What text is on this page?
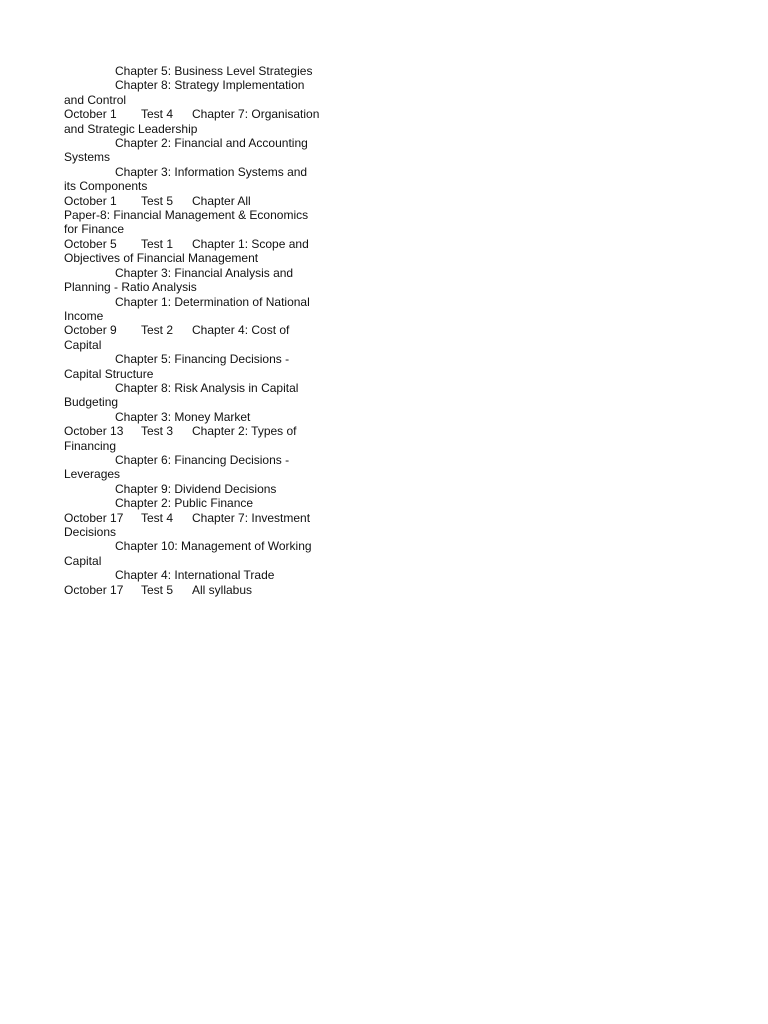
Chapter 5: Business Level Strategies
Chapter 8: Strategy Implementation
and Control
October 1 Test 4 Chapter 7: Organisation
and Strategic Leadership
Chapter 2: Financial and Accounting
Systems
Chapter 3: Information Systems and
its Components
October 1 Test 5 Chapter All
Paper-8: Financial Management & Economics
for Finance
October 5 Test 1 Chapter 1: Scope and
Objectives of Financial Management
Chapter 3: Financial Analysis and
Planning - Ratio Analysis
Chapter 1: Determination of National
Income
October 9 Test 2 Chapter 4: Cost of
Capital
Chapter 5: Financing Decisions -
Capital Structure
Chapter 8: Risk Analysis in Capital
Budgeting
Chapter 3: Money Market
October 13 Test 3 Chapter 2: Types of
Financing
Chapter 6: Financing Decisions -
Leverages
Chapter 9: Dividend Decisions
Chapter 2: Public Finance
October 17 Test 4 Chapter 7: Investment
Decisions
Chapter 10: Management of Working
Capital
Chapter 4: International Trade
October 17 Test 5 All syllabus
